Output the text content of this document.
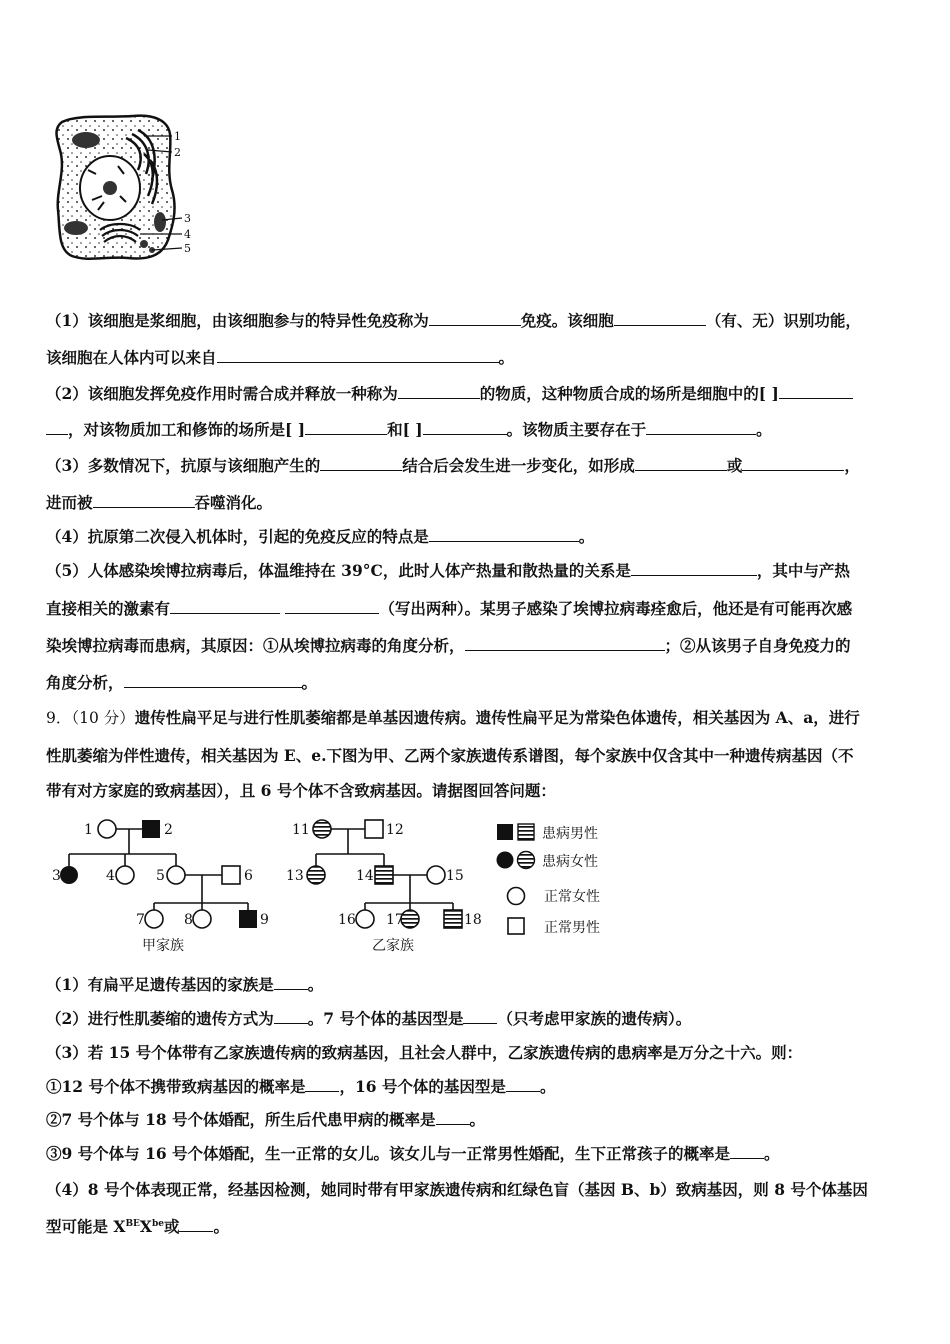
1
2
3
4
5
（1）该细胞是浆细胞，由该细胞参与的特异性免疫称为	免疫。该细胞	（有、无）识别功能，
该细胞在人体内可以来自	。
（2）该细胞发挥免疫作用时需合成并释放一种称为	的物质，这种物质合成的场所是细胞中的[ ]
，对该物质加工和修饰的场所是[ ]	和[ ]	。该物质主要存在于	。
（3）多数情况下，抗原与该细胞产生的	结合后会发生进一步变化，如形成	或	，
进而被	吞噬消化。
（4）抗原第二次侵入机体时，引起的免疫反应的特点是	。
（5）人体感染埃博拉病毒后，体温维持在 39°C，此时人体产热量和散热量的关系是	，其中与产热
直接相关的激素有	（写出两种）。某男子感染了埃博拉病毒痊愈后，他还是有可能再次感
染埃博拉病毒而患病，其原因：①从埃博拉病毒的角度分析，	；②从该男子自身免疫力的
角度分析，	。
9．（10 分）遗传性扁平足与进行性肌萎缩都是单基因遗传病。遗传性扁平足为常染色体遗传，相关基因为 A、a，进行
性肌萎缩为伴性遗传，相关基因为 E、e.下图为甲、乙两个家族遗传系谱图，每个家族中仅含其中一种遗传病基因（不
带有对方家庭的致病基因），且 6 号个体不含致病基因。请据图回答问题：
1	2
3	4	5	6
7	8	9
甲家族
11	12
13	14	15
16 17	18
乙家族
患病男性
患病女性
正常女性
正常男性
（1）有扁平足遗传基因的家族是 。
（2）进行性肌萎缩的遗传方式为 。7 号个体的基因型是 （只考虑甲家族的遗传病）。
（3）若 15 号个体带有乙家族遗传病的致病基因，且社会人群中，乙家族遗传病的患病率是万分之十六。则：
①12 号个体不携带致病基因的概率是 ，16 号个体的基因型是 。
②7 号个体与 18 号个体婚配，所生后代患甲病的概率是 。
③9 号个体与 16 号个体婚配，生一正常的女儿。该女儿与一正常男性婚配，生下正常孩子的概率是 。
（4）8 号个体表现正常，经基因检测，她同时带有甲家族遗传病和红绿色盲（基因 B、b）致病基因，则 8 号个体基因
型可能是 $X^{BE}X^{be}$或 。
